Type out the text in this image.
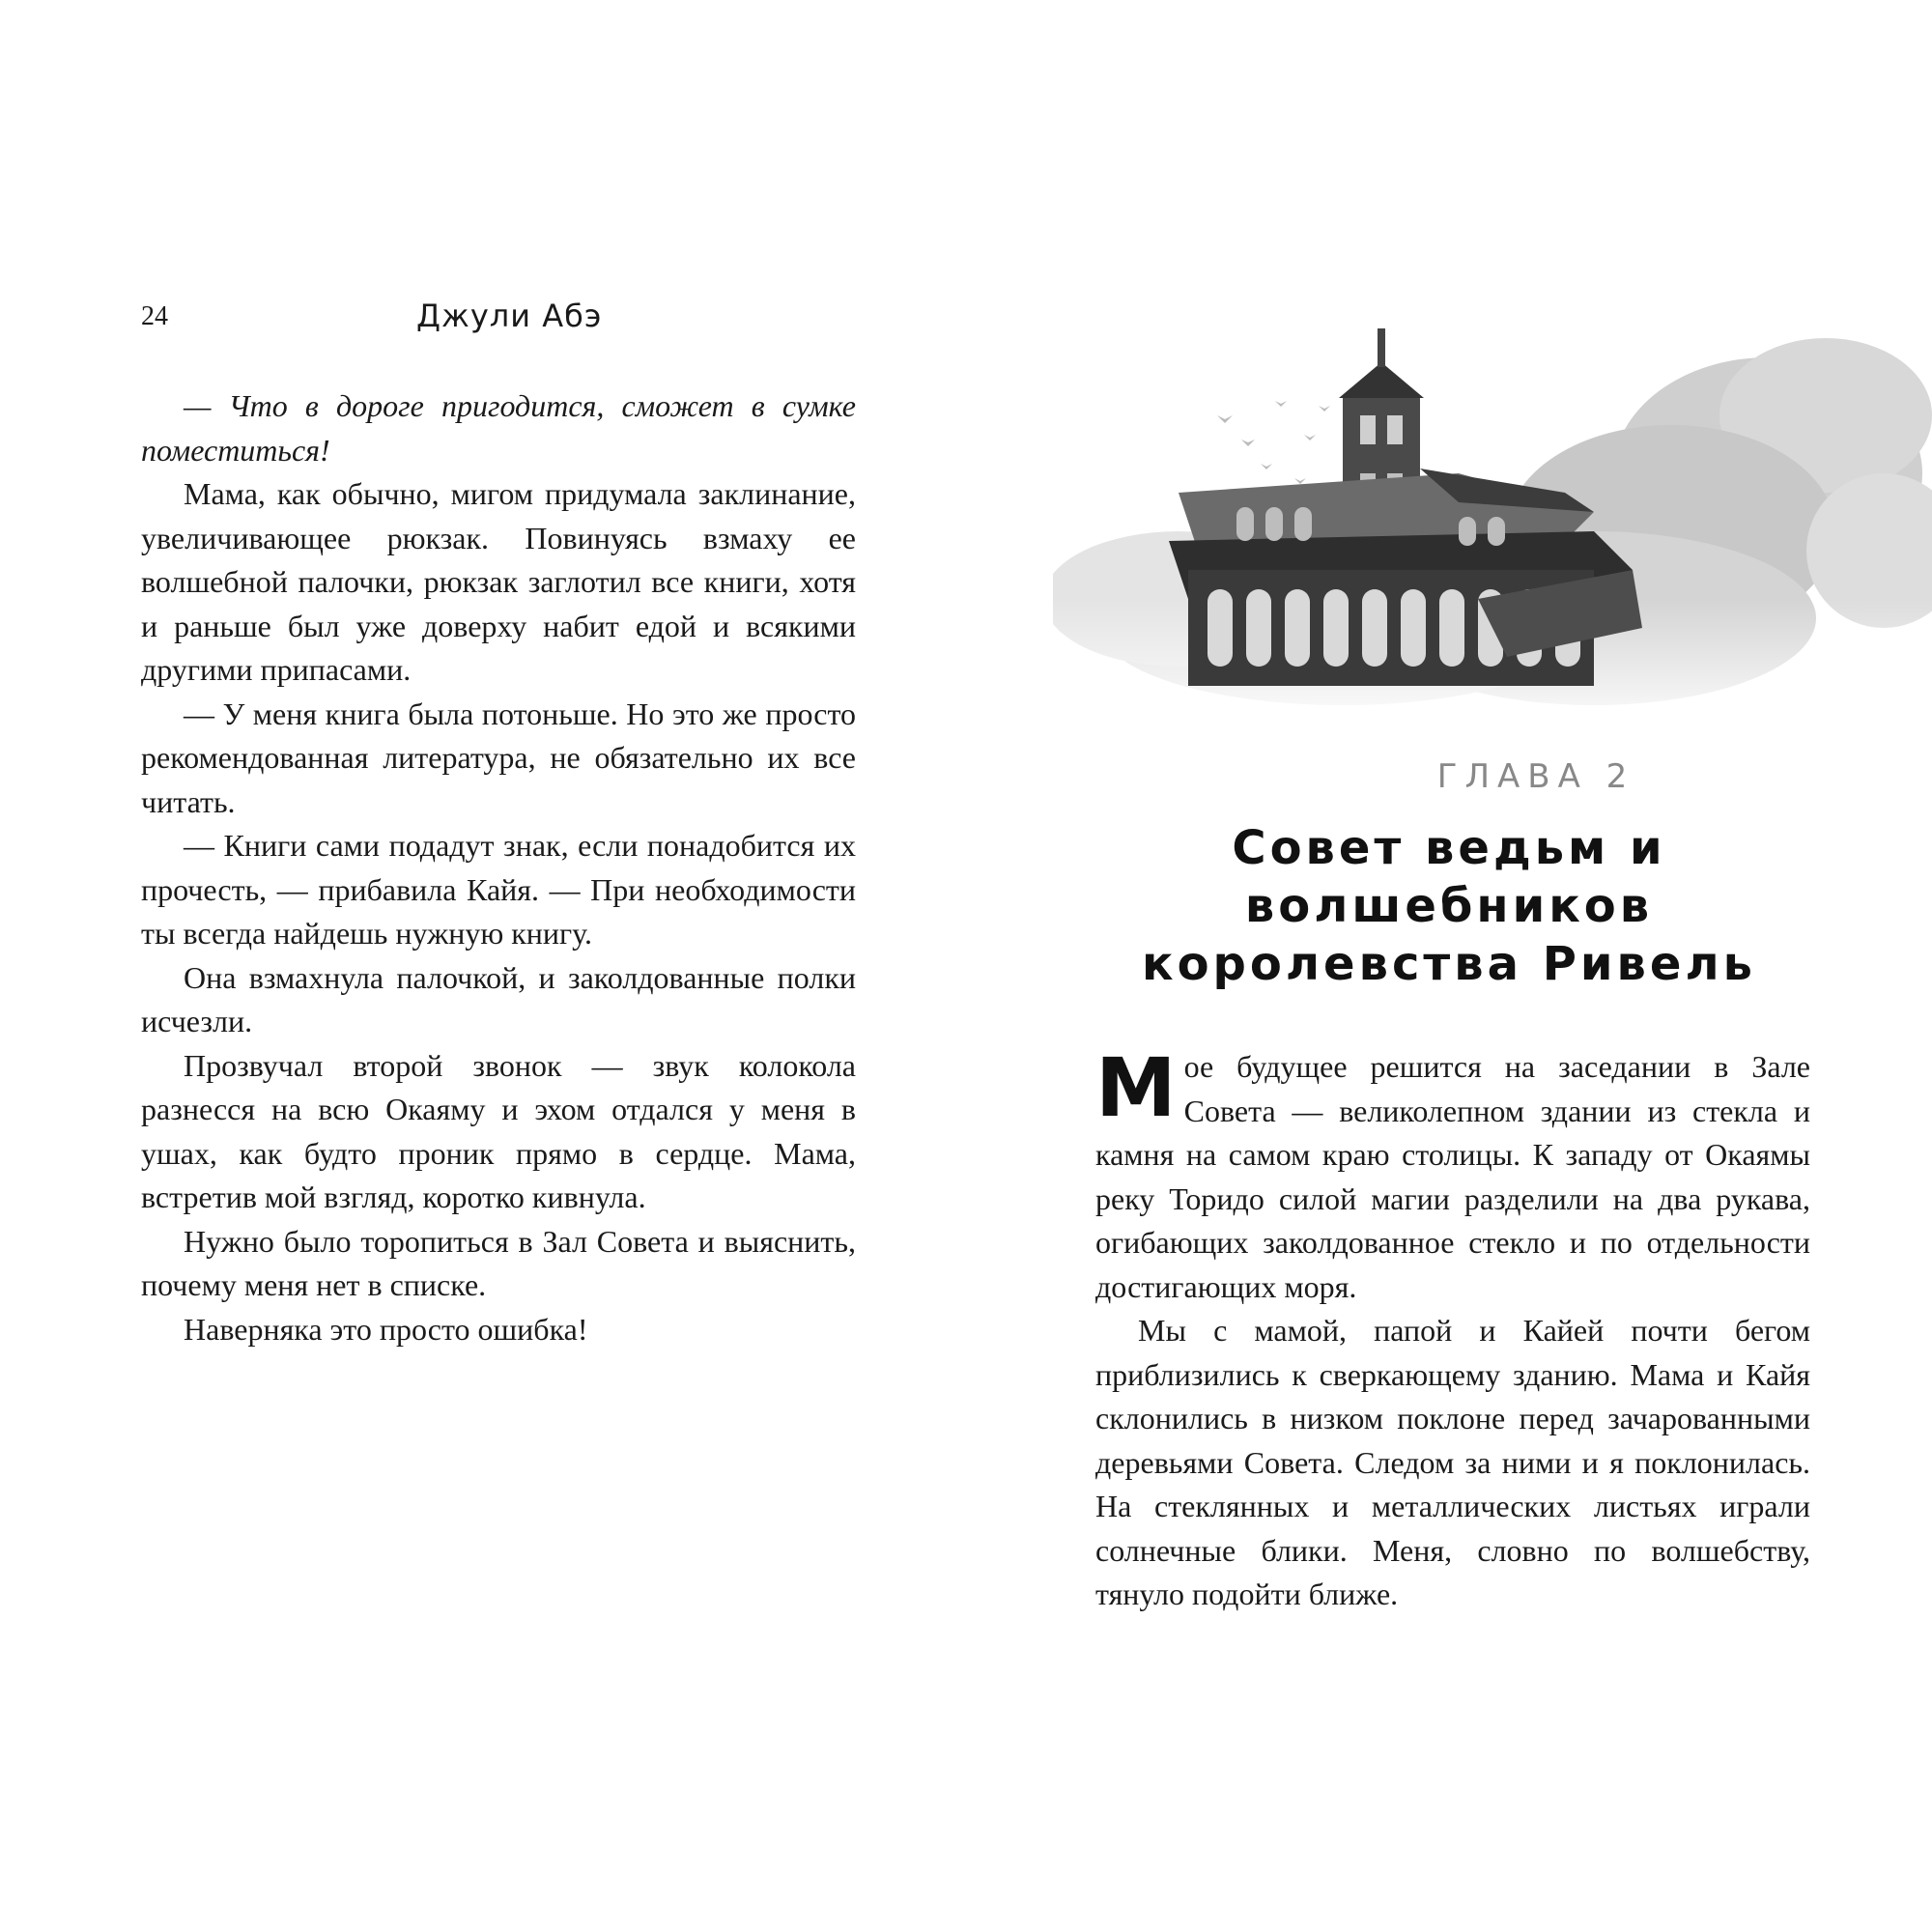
24	Джули Абэ

— Что в дороге пригодится, сможет в сумке поместиться!

Мама, как обычно, мигом придумала заклинание, увеличивающее рюкзак. Повинуясь взмаху ее волшебной палочки, рюкзак заглотил все книги, хотя и раньше был уже доверху набит едой и всякими другими припасами.

— У меня книга была потоньше. Но это же просто рекомендованная литература, не обязательно их все читать.

— Книги сами подадут знак, если понадобится их прочесть, — прибавила Кайя. — При необходимости ты всегда найдешь нужную книгу.

Она взмахнула палочкой, и заколдованные полки исчезли.

Прозвучал второй звонок — звук колокола разнесся на всю Окаяму и эхом отдался у меня в ушах, как будто проник прямо в сердце. Мама, встретив мой взгляд, коротко кивнула.

Нужно было торопиться в Зал Совета и выяснить, почему меня нет в списке.

Наверняка это просто ошибка!

ГЛАВА 2
Совет ведьм и волшебников
королевства Ривель

Мое будущее решится на заседании в Зале Совета — великолепном здании из стекла и камня на самом краю столицы. К западу от Окаямы реку Торидо силой магии разделили на два рукава, огибающих заколдованное стекло и по отдельности достигающих моря.

Мы с мамой, папой и Кайей почти бегом приблизились к сверкающему зданию. Мама и Кайя склонились в низком поклоне перед зачарованными деревьями Совета. Следом за ними и я поклонилась. На стеклянных и металлических листьях играли солнечные блики. Меня, словно по волшебству, тянуло подойти ближе.
